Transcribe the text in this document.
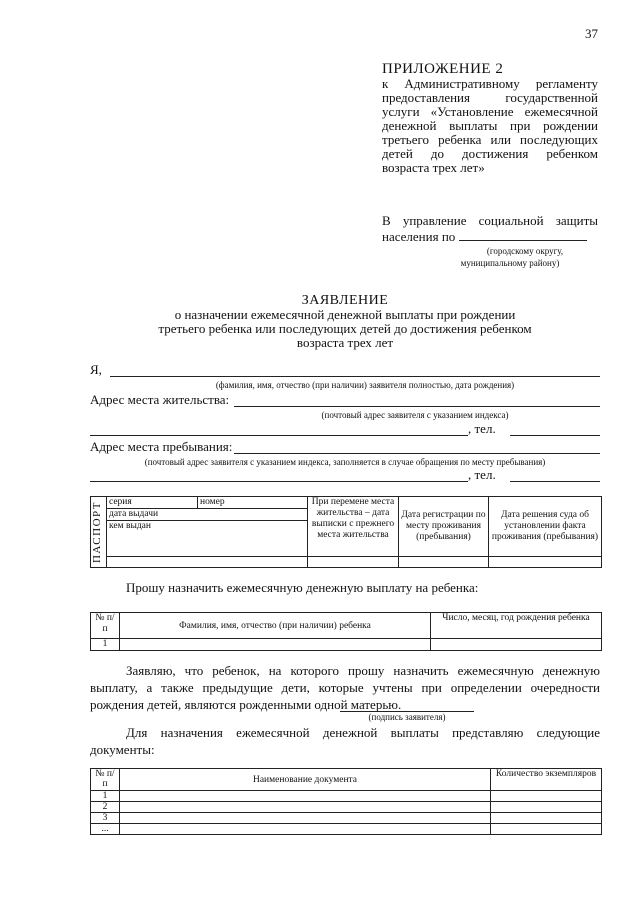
37
ПРИЛОЖЕНИЕ 2
к Административному регламенту предоставления государственной услуги «Установление ежемесячной денежной выплаты при рождении третьего ребенка или последующих детей до достижения ребенком возраста трех лет»
В управление социальной защиты
населения по
(городскому округу,
муниципальному району)
ЗАЯВЛЕНИЕ
о назначении ежемесячной денежной выплаты при рождении
третьего ребенка или последующих детей до достижения ребенком
возраста трех лет
Я,
(фамилия, имя, отчество (при наличии) заявителя полностью, дата рождения)
Адрес места жительства:
(почтовый адрес заявителя с указанием индекса)
, тел.
Адрес места пребывания:
(почтовый адрес заявителя с указанием индекса, заполняется в случае обращения по месту пребывания)
, тел.
ПАСПОРТ	серия	номер	При перемене места жительства – дата выписки с прежнего места жительства	Дата регистрации по месту проживания (пребывания)	Дата решения суда об установлении факта проживания (пребывания)
	дата выдачи				
	кем выдан				

Прошу назначить ежемесячную денежную выплату на ребенка:
№ п/п	Фамилия, имя, отчество (при наличии) ребенка	Число, месяц, год рождения ребенка
1		
Заявляю, что ребенок, на которого прошу назначить ежемесячную денежную выплату, а также предыдущие дети, которые учтены при определении очередности рождения детей, являются рожденными одной матерью.
(подпись заявителя)
Для назначения ежемесячной денежной выплаты представляю следующие документы:
№ п/п	Наименование документа	Количество экземпляров
1		
2		
3		
...		
